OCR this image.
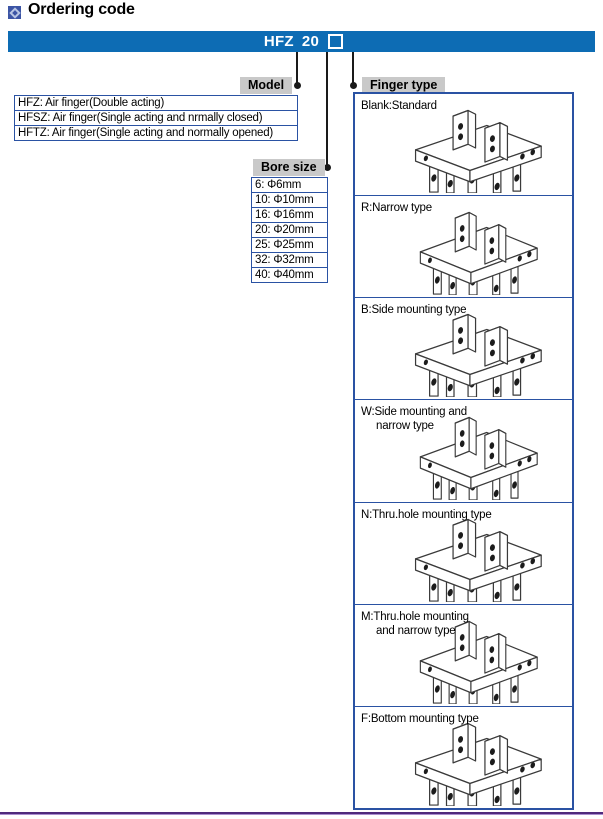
Ordering code
HFZ 20
Model
HFZ: Air finger(Double acting)
HFSZ: Air finger(Single acting and nrmally closed)
HFTZ: Air finger(Single acting and normally opened)
Bore size
6: Φ6mm
10: Φ10mm
16: Φ16mm
20: Φ20mm
25: Φ25mm
32: Φ32mm
40: Φ40mm
Finger type
Blank:Standard
R:Narrow type
B:Side mounting type
W:Side mounting and
narrow type
N:Thru.hole mounting type
M:Thru.hole mounting
and narrow type
F:Bottom mounting type
